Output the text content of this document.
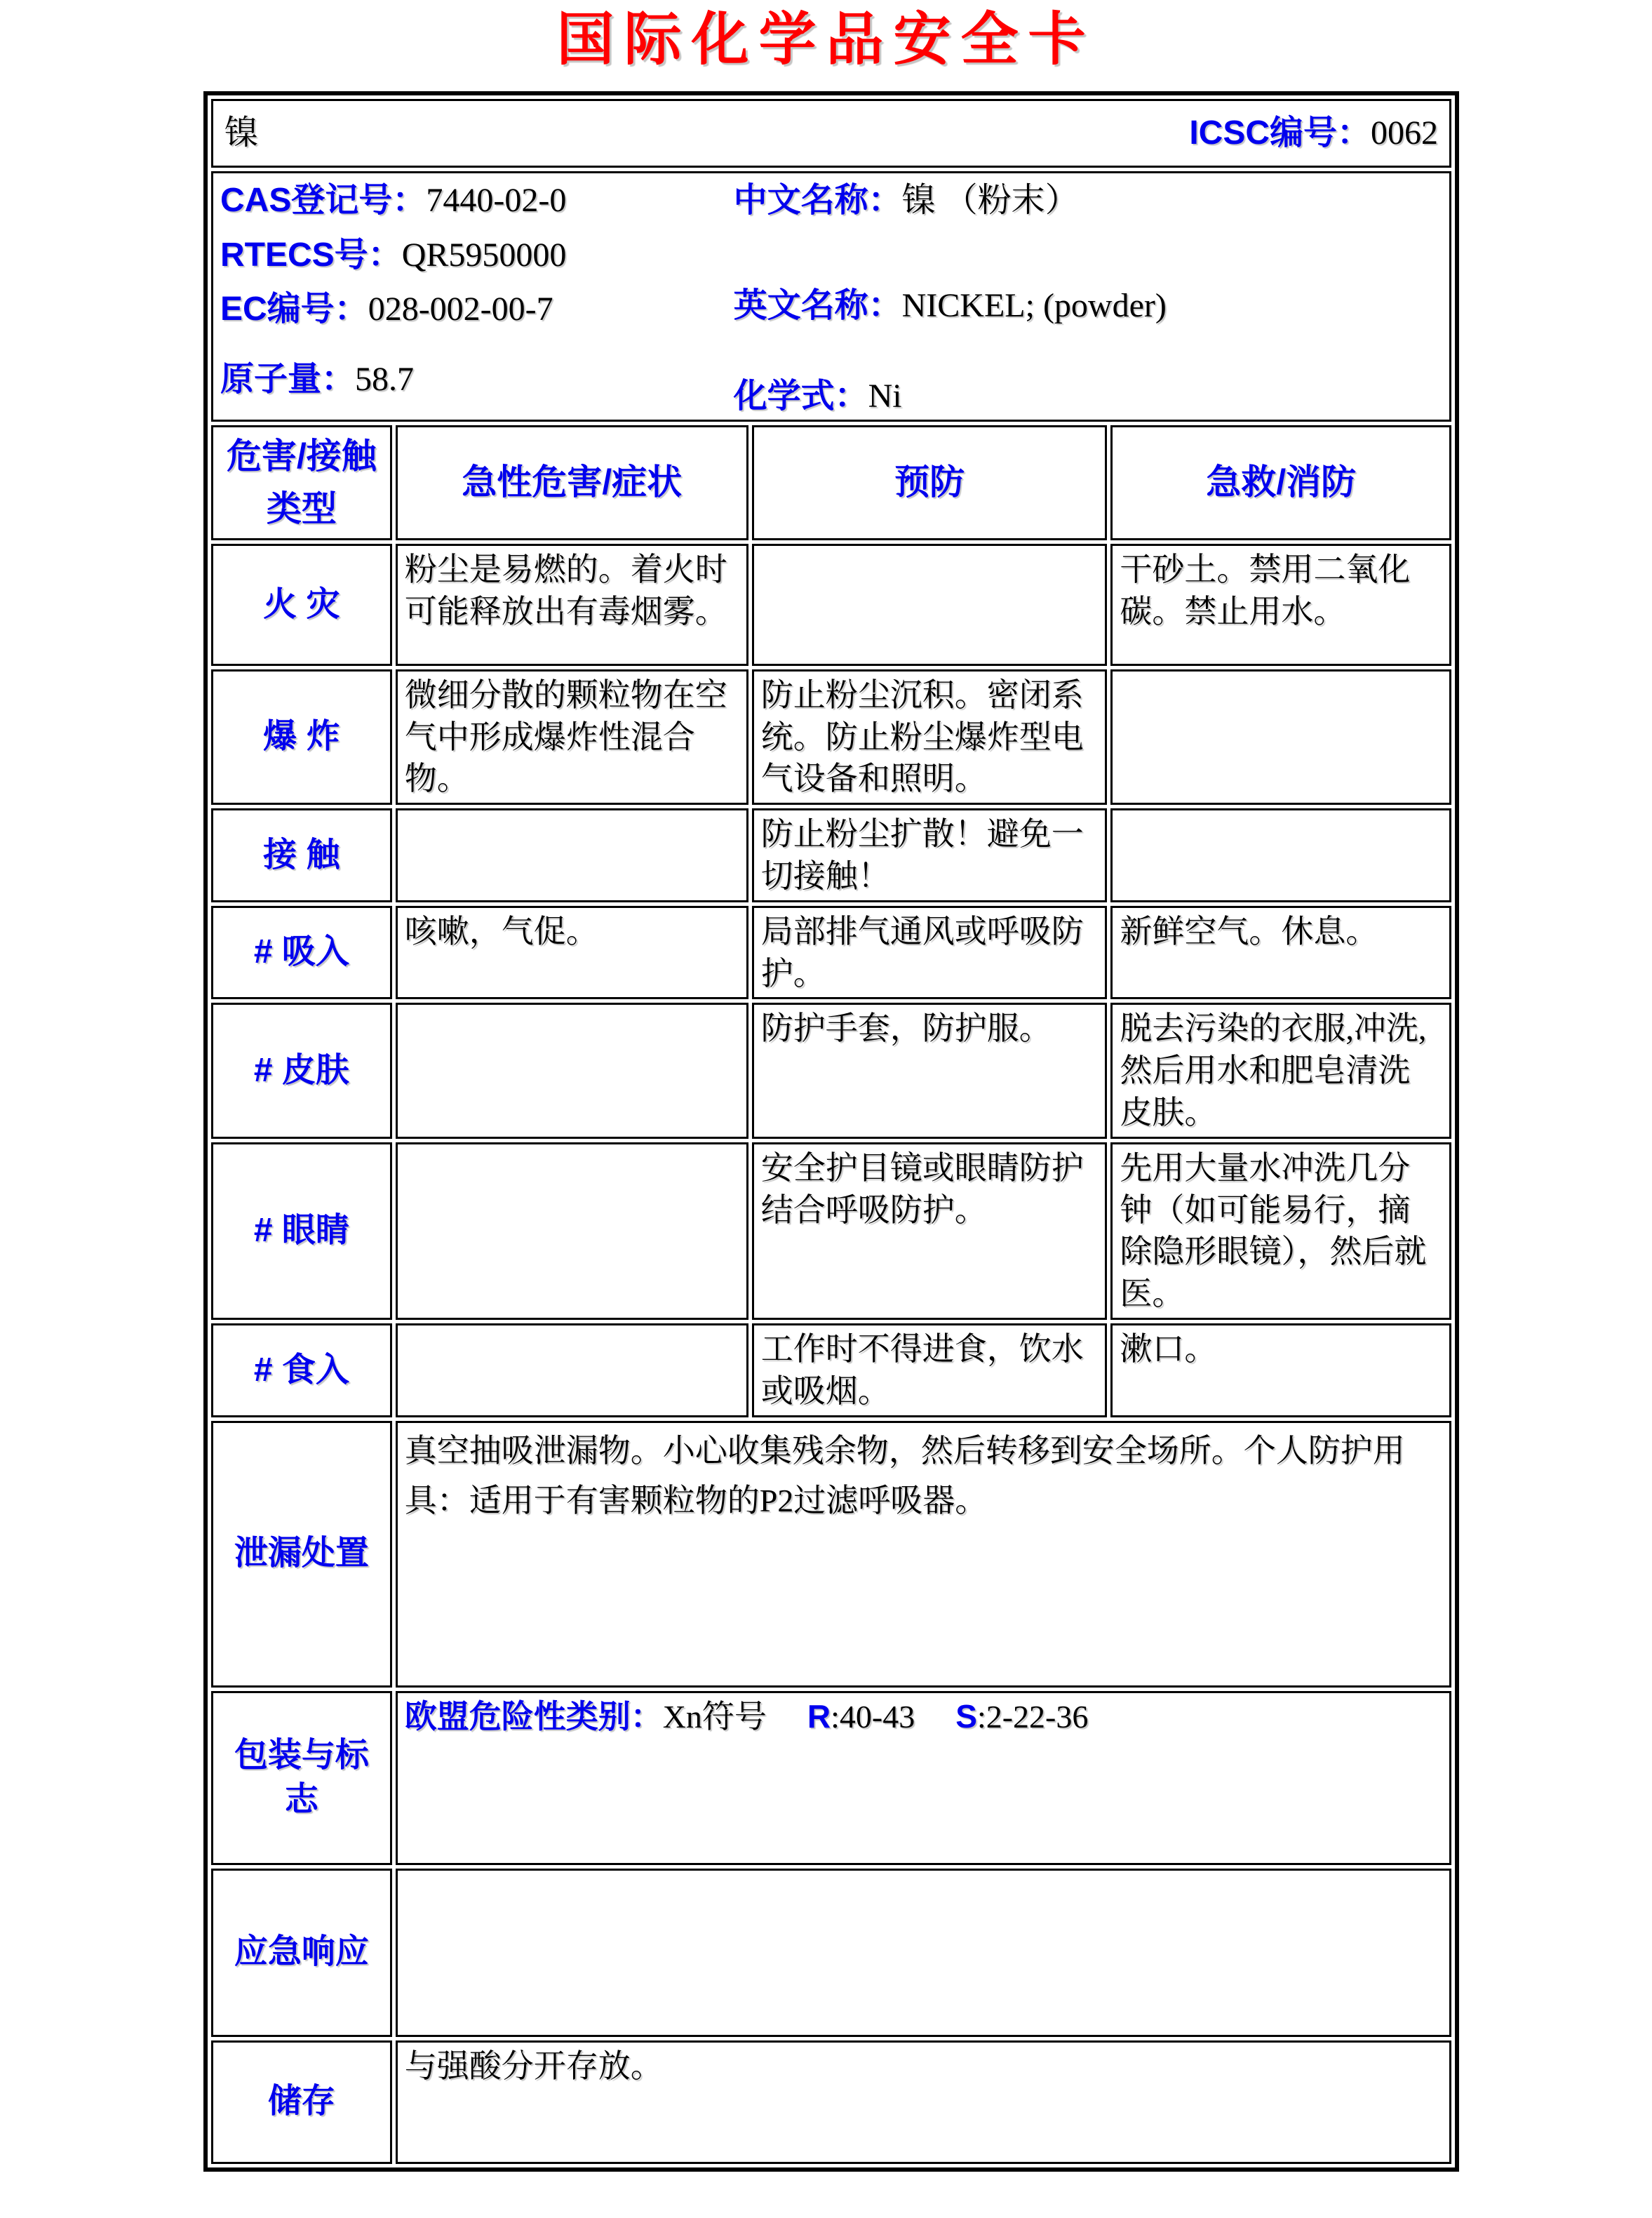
国际化学品安全卡
镍 ICSC编号：0062			

CAS登记号：7440-02-0
RTECS号：QR5950000
EC编号：028-002-00-7
原子量：58.7
中文名称：镍 （粉末）
英文名称：NICKEL; (powder)
化学式：Ni

危害/接触类型	急性危害/症状	预防	急救/消防
火 灾	粉尘是易燃的。着火时可能释放出有毒烟雾。		干砂土。禁用二氧化碳。禁止用水。
爆 炸	微细分散的颗粒物在空气中形成爆炸性混合物。	防止粉尘沉积。密闭系统。防止粉尘爆炸型电气设备和照明。	
接 触		防止粉尘扩散！避免一切接触！	
# 吸入	咳嗽，气促。	局部排气通风或呼吸防护。	新鲜空气。休息。
# 皮肤		防护手套，防护服。	脱去污染的衣服,冲洗,然后用水和肥皂清洗皮肤。
# 眼睛		安全护目镜或眼睛防护结合呼吸防护。	先用大量水冲洗几分钟（如可能易行，摘除隐形眼镜），然后就医。
# 食入		工作时不得进食，饮水或吸烟。	漱口。
泄漏处置	真空抽吸泄漏物。小心收集残余物，然后转移到安全场所。个人防护用具：适用于有害颗粒物的P2过滤呼吸器。		
包装与标志	欧盟危险性类别：Xn符号 R:40-43 S:2-22-36		

应急响应			
储存	与强酸分开存放。		
